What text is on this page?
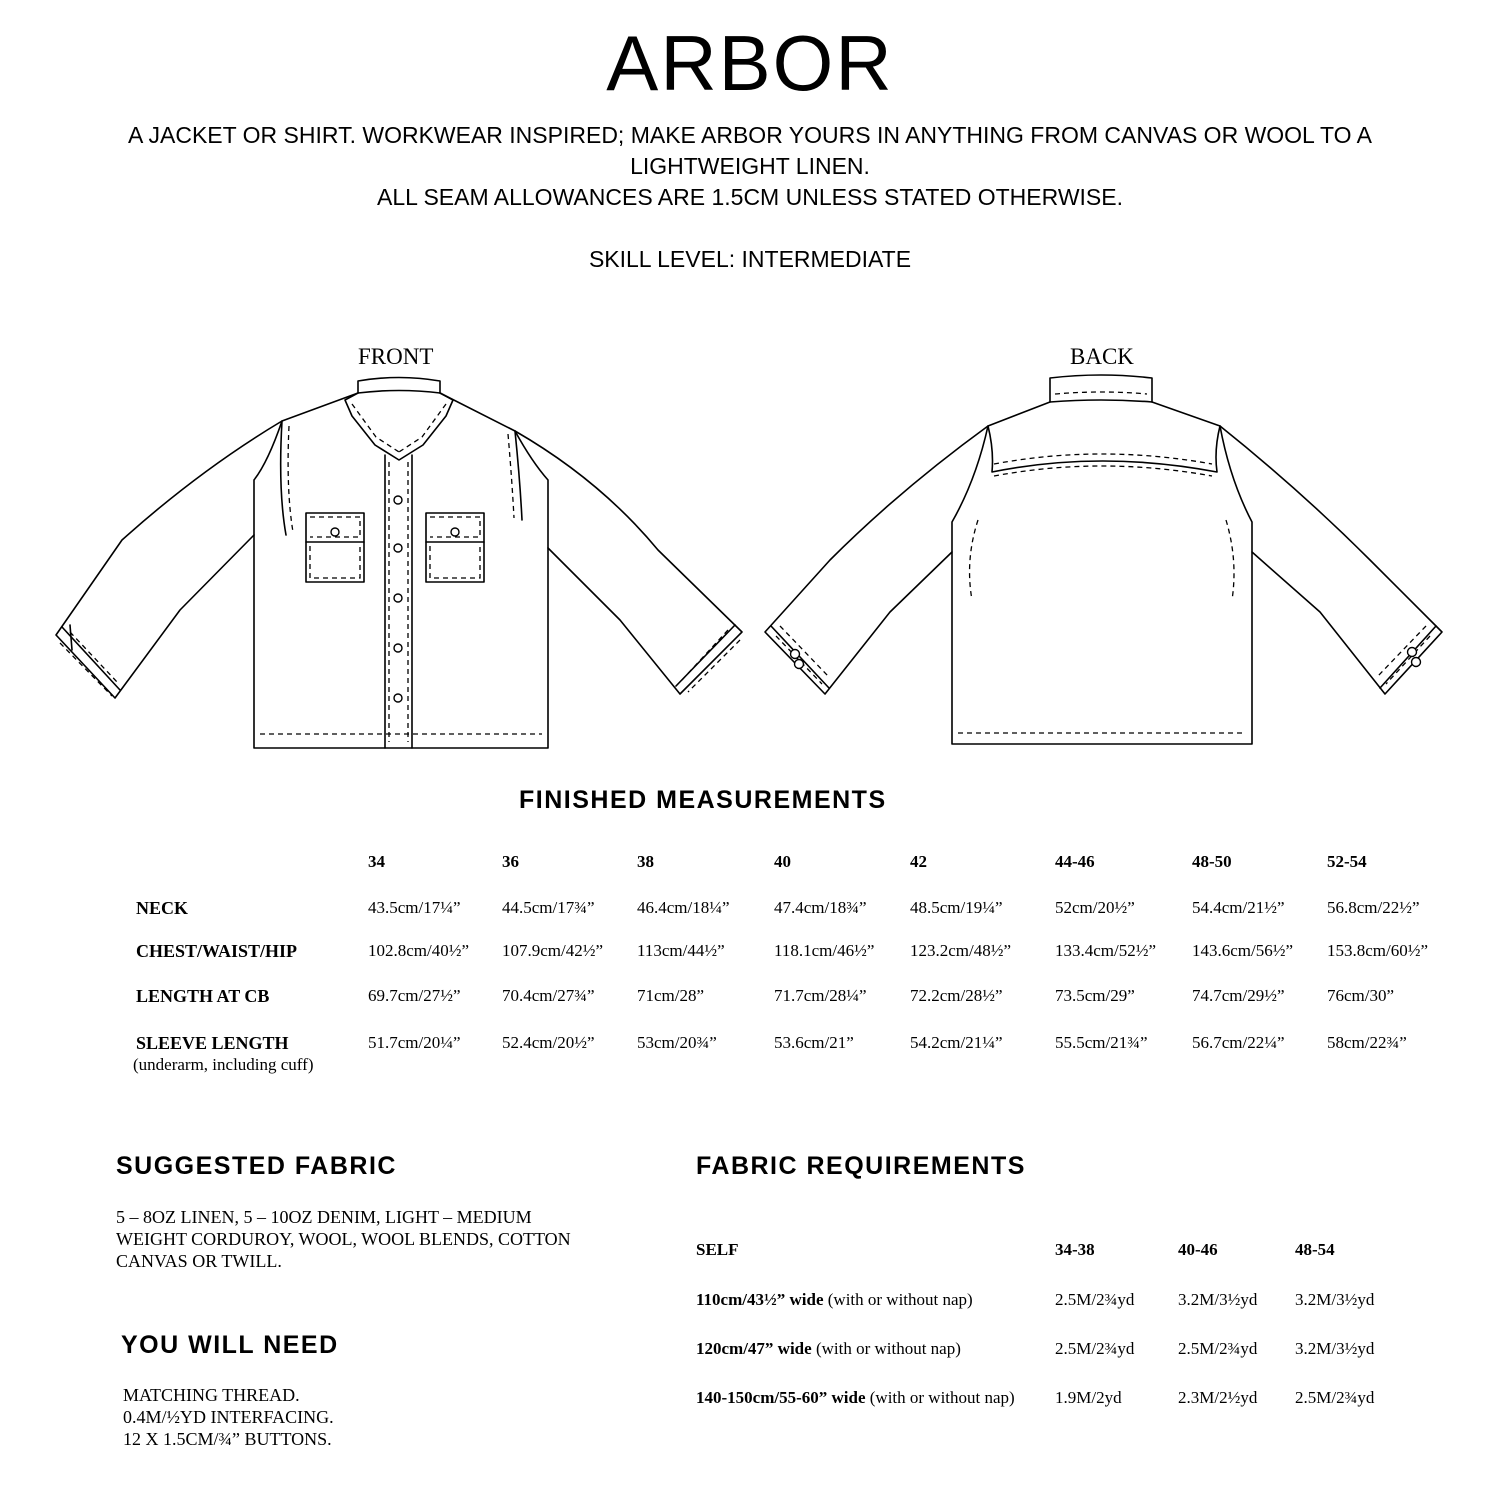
ARBOR
A JACKET OR SHIRT. WORKWEAR INSPIRED; MAKE ARBOR YOURS IN ANYTHING FROM CANVAS OR WOOL TO A
LIGHTWEIGHT LINEN.
ALL SEAM ALLOWANCES ARE 1.5CM UNLESS STATED OTHERWISE.
SKILL LEVEL: INTERMEDIATE
FRONT	BACK
FINISHED MEASUREMENTS
34	36	38	40	42	44-46	48-50	52-54
NECK	43.5cm/17¼” 44.5cm/17¾” 46.4cm/18¼”	47.4cm/18¾”	48.5cm/19¼”	52cm/20½”	54.4cm/21½” 56.8cm/22½”
CHEST/WAIST/HIP	102.8cm/40½” 107.9cm/42½” 113cm/44½”	118.1cm/46½” 123.2cm/48½”	133.4cm/52½” 143.6cm/56½” 153.8cm/60½”
LENGTH AT CB	69.7cm/27½” 70.4cm/27¾” 71cm/28”	71.7cm/28¼”	72.2cm/28½”	73.5cm/29”	74.7cm/29½” 76cm/30”
SLEEVE LENGTH
(underarm, including cuff)
51.7cm/20¼” 52.4cm/20½” 53cm/20¾”	53.6cm/21”	54.2cm/21¼”	55.5cm/21¾”	56.7cm/22¼” 58cm/22¾”
SUGGESTED FABRIC
5 – 8OZ LINEN, 5 – 10OZ DENIM, LIGHT – MEDIUM
WEIGHT CORDUROY, WOOL, WOOL BLENDS, COTTON
CANVAS OR TWILL.
YOU WILL NEED
MATCHING THREAD.
0.4M/½YD INTERFACING.
12 X 1.5CM/¾” BUTTONS.
FABRIC REQUIREMENTS
SELF	34-38	40-46	48-54
110cm/43½” wide (with or without nap)	2.5M/2¾yd	3.2M/3½yd 3.2M/3½yd
120cm/47” wide (with or without nap)	2.5M/2¾yd	2.5M/2¾yd 3.2M/3½yd
140-150cm/55-60” wide (with or without nap) 1.9M/2yd	2.3M/2½yd 2.5M/2¾yd
